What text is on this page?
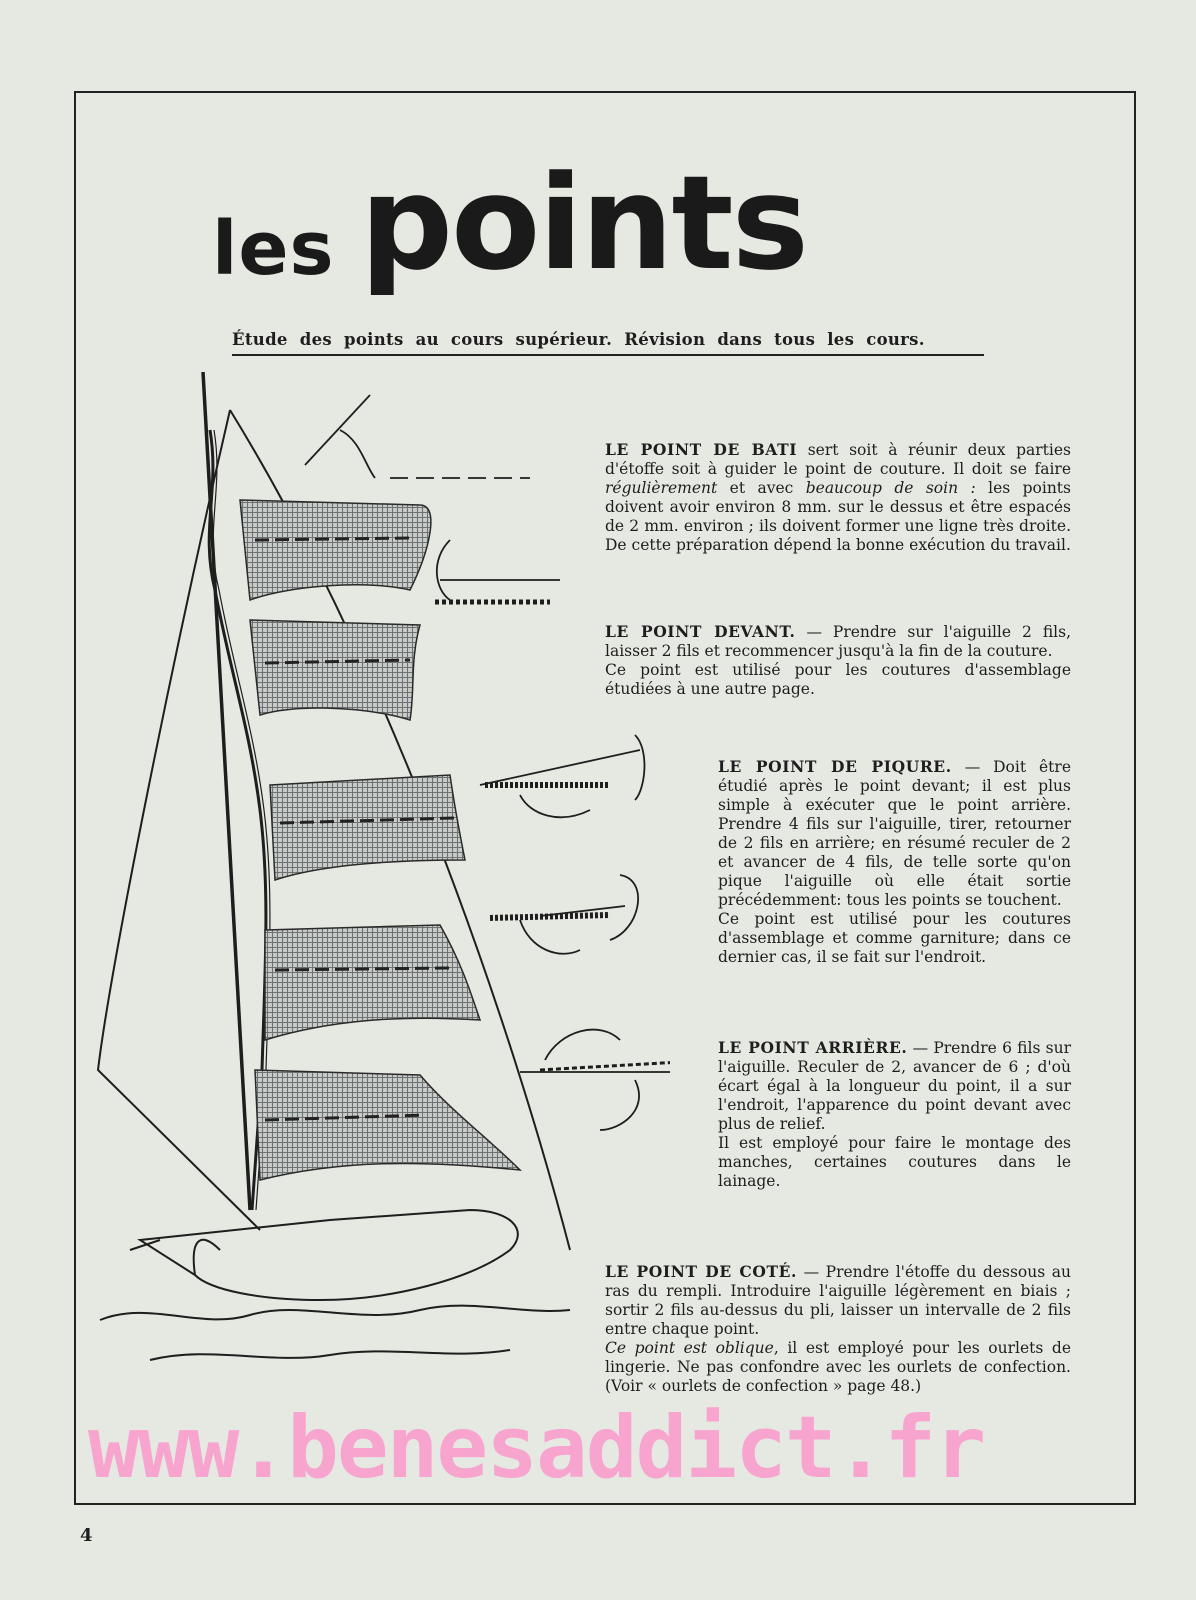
les points
Étude des points au cours supérieur. Révision dans tous les cours.
LE POINT DE BATI sert soit à réunir deux parties d'étoffe soit à guider le point de couture. Il doit se faire régulièrement et avec beaucoup de soin : les points doivent avoir environ 8 mm. sur le dessus et être espacés de 2 mm. environ ; ils doivent former une ligne très droite. De cette préparation dépend la bonne exécution du travail.

LE POINT DEVANT. — Prendre sur l'aiguille 2 fils, laisser 2 fils et recommencer jusqu'à la fin de la couture.

Ce point est utilisé pour les coutures d'assemblage étudiées à une autre page.

LE POINT DE PIQURE. — Doit être étudié après le point devant; il est plus simple à exécuter que le point arrière. Prendre 4 fils sur l'aiguille, tirer, retourner de 2 fils en arrière; en résumé reculer de 2 et avancer de 4 fils, de telle sorte qu'on pique l'aiguille où elle était sortie précédemment: tous les points se touchent.

Ce point est utilisé pour les coutures d'assemblage et comme garniture; dans ce dernier cas, il se fait sur l'endroit.

LE POINT ARRIÈRE. — Prendre 6 fils sur l'aiguille. Reculer de 2, avancer de 6 ; d'où écart égal à la longueur du point, il a sur l'endroit, l'apparence du point devant avec plus de relief.

Il est employé pour faire le montage des manches, certaines coutures dans le lainage.

LE POINT DE COTÉ. — Prendre l'étoffe du dessous au ras du rempli. Introduire l'aiguille légèrement en biais ; sortir 2 fils au-dessus du pli, laisser un intervalle de 2 fils entre chaque point.

Ce point est oblique, il est employé pour les ourlets de lingerie. Ne pas confondre avec les ourlets de confection. (Voir « ourlets de confection » page 48.)

www.benesaddict.fr
4
